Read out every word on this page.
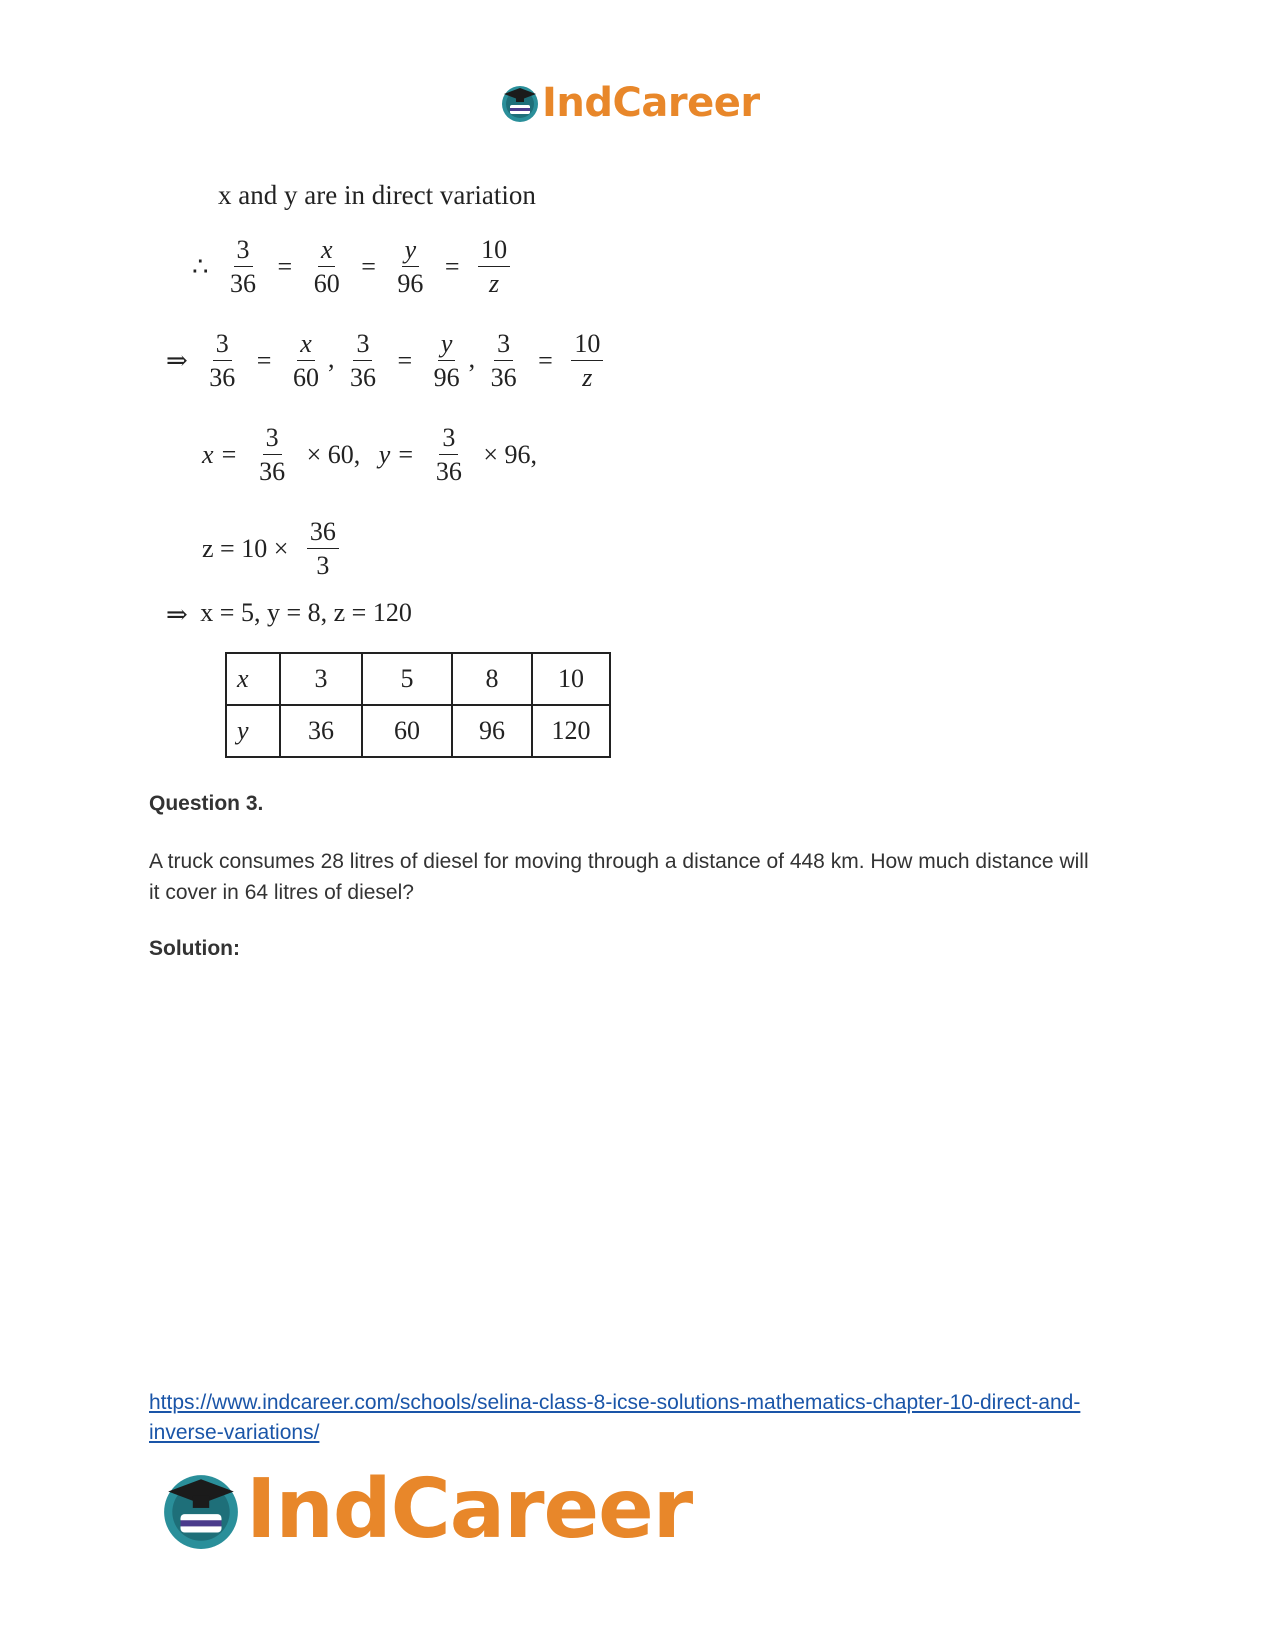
IndCareer
x and y are in direct variation
∴ $\frac{3}{36} = \frac{x}{60} = \frac{y}{96} = \frac{10}{z}$
⇒ $\frac{3}{36} = \frac{x}{60}$ , $\frac{3}{36} = \frac{y}{96}$ , $\frac{3}{36} = \frac{10}{z}$
$x = \frac{3}{36} \times 60$, $y = \frac{3}{36} \times 96$,
$z = 10 \times \frac{36}{3}$
⇒ x = 5, y = 8, z = 120
x	3	5	8	10
y	36	60	96	120
Question 3.
A truck consumes 28 litres of diesel for moving through a distance of 448 km. How much distance will it cover in 64 litres of diesel?
Solution:
https://www.indcareer.com/schools/selina-class-8-icse-solutions-mathematics-chapter-10-direct-and-inverse-variations/
IndCareer
